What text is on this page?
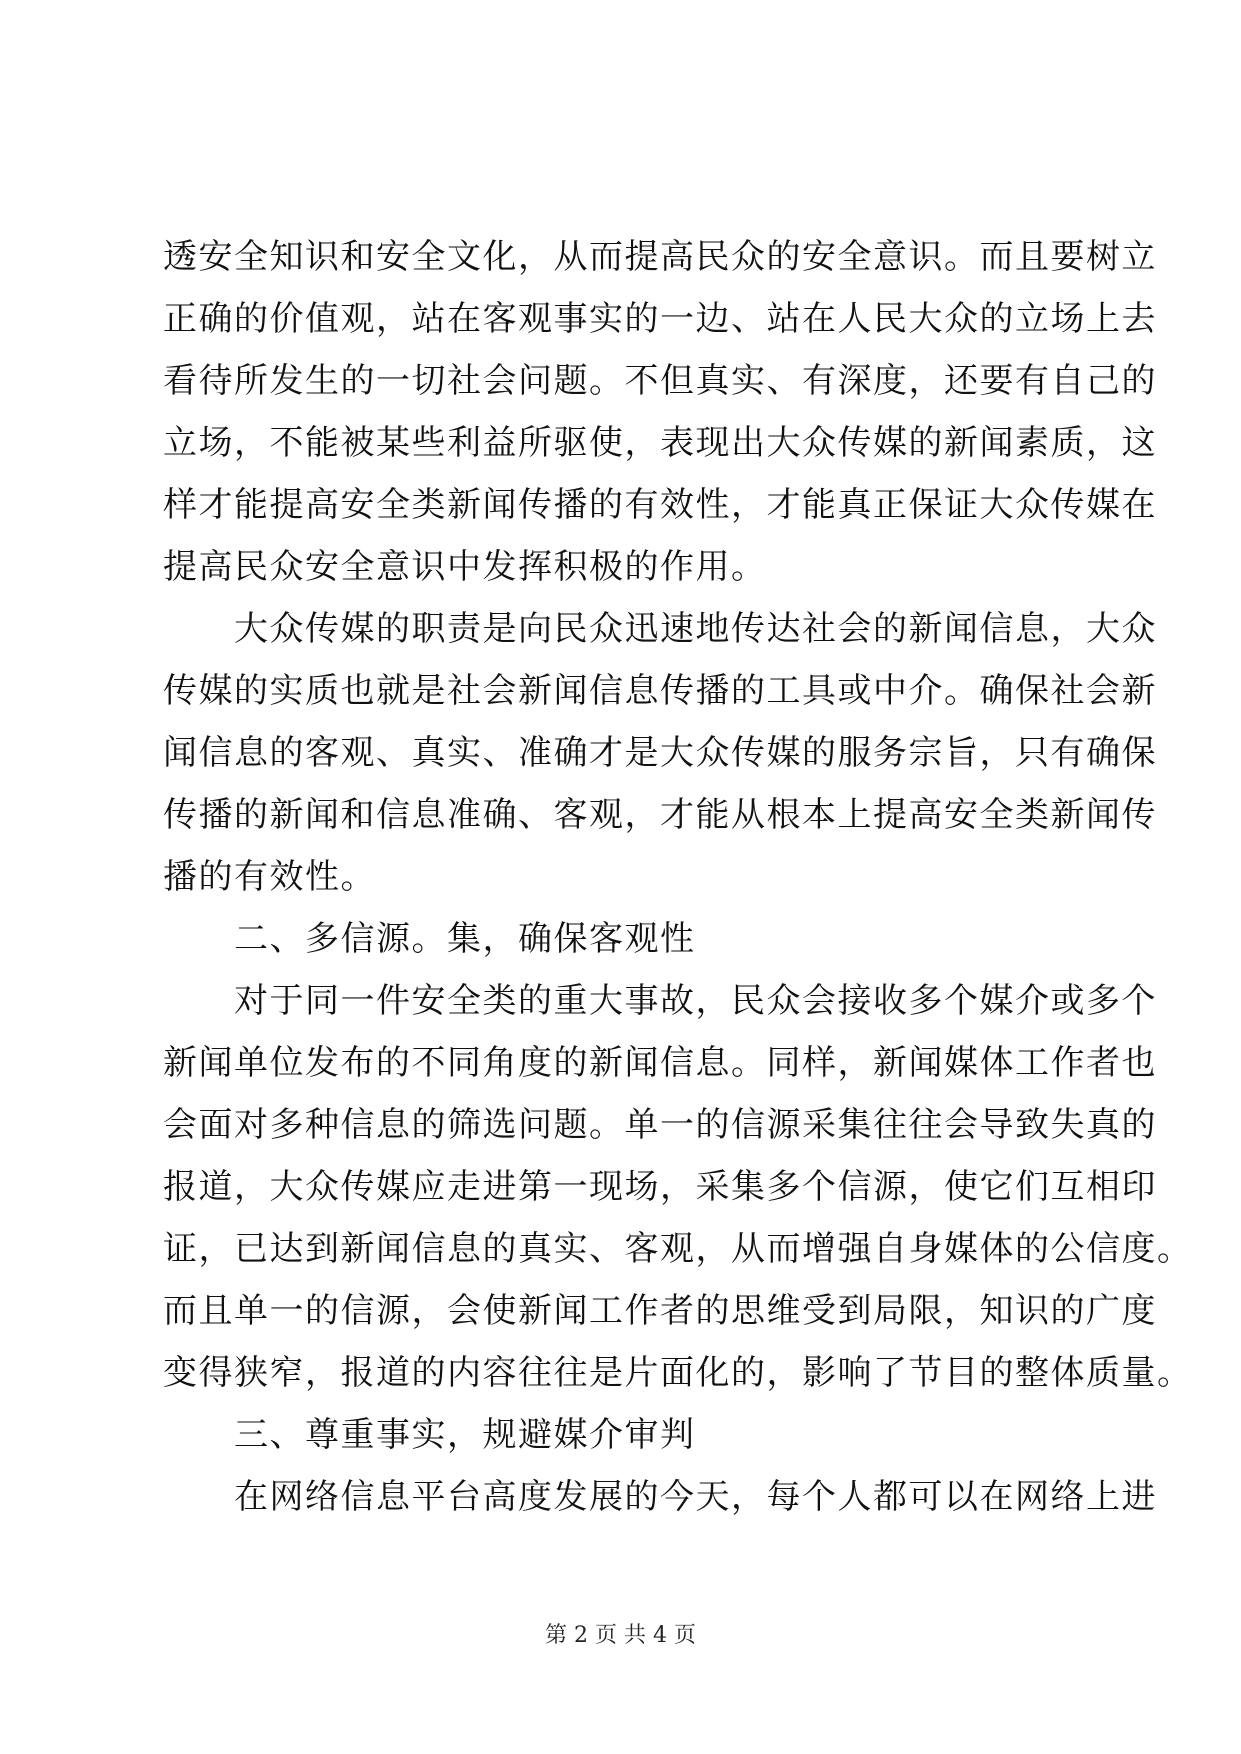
透安全知识和安全文化，从而提高民众的安全意识。而且要树立
正确的价值观，站在客观事实的一边、站在人民大众的立场上去
看待所发生的一切社会问题。不但真实、有深度，还要有自己的
立场，不能被某些利益所驱使，表现出大众传媒的新闻素质，这
样才能提高安全类新闻传播的有效性，才能真正保证大众传媒在
提高民众安全意识中发挥积极的作用。
　　大众传媒的职责是向民众迅速地传达社会的新闻信息，大众
传媒的实质也就是社会新闻信息传播的工具或中介。确保社会新
闻信息的客观、真实、准确才是大众传媒的服务宗旨，只有确保
传播的新闻和信息准确、客观，才能从根本上提高安全类新闻传
播的有效性。
　　二、多信源。集，确保客观性
　　对于同一件安全类的重大事故，民众会接收多个媒介或多个
新闻单位发布的不同角度的新闻信息。同样，新闻媒体工作者也
会面对多种信息的筛选问题。单一的信源采集往往会导致失真的
报道，大众传媒应走进第一现场，采集多个信源，使它们互相印
证，已达到新闻信息的真实、客观，从而增强自身媒体的公信度。
而且单一的信源，会使新闻工作者的思维受到局限，知识的广度
变得狭窄，报道的内容往往是片面化的，影响了节目的整体质量。
　　三、尊重事实，规避媒介审判
　　在网络信息平台高度发展的今天，每个人都可以在网络上进
第 2 页 共 4 页
